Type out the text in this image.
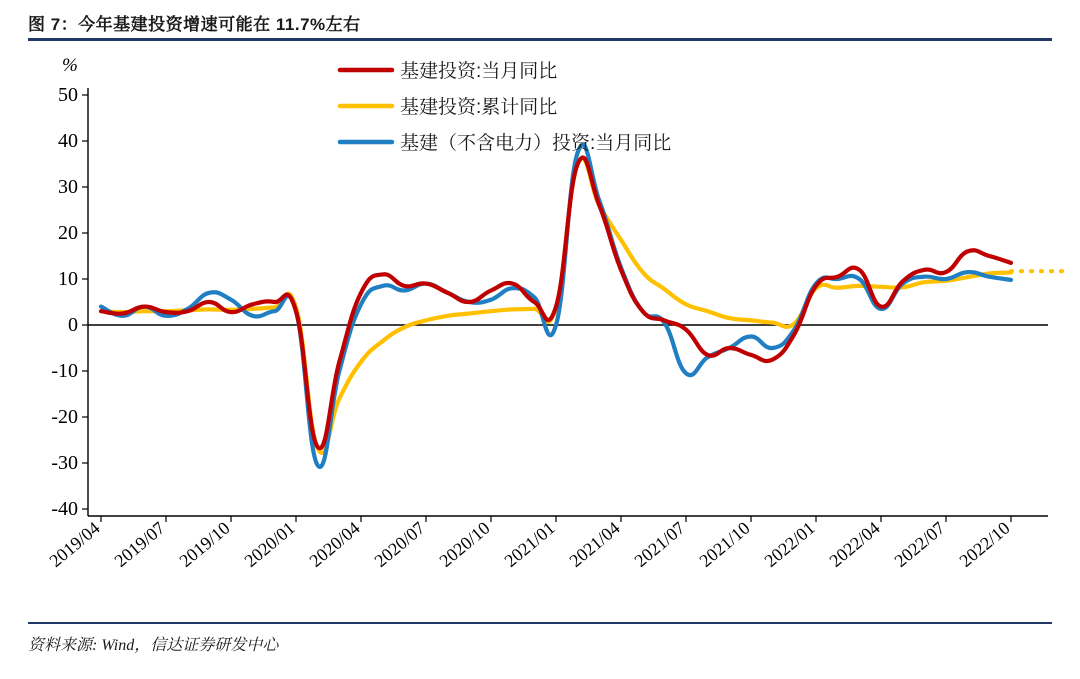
图 7：今年基建投资增速可能在 11.7%左右
%
50
40
30
20
10
0
-10
-20
-30
-40
2019/04 2019/07 2019/10 2020/01 2020/04 2020/07 2020/10 2021/01 2021/04 2021/07 2021/10 2022/01 2022/04 2022/07 2022/10
基建投资:当月同比
基建投资:累计同比
基建（不含电力）投资:当月同比
资料来源: Wind，信达证券研发中心
